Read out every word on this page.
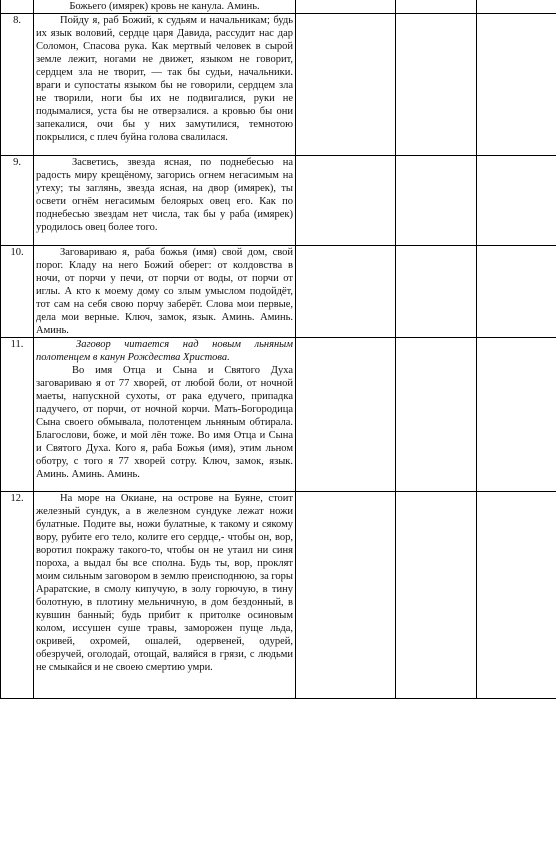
	Божьего (имярек) кровь не канула. Аминь.			

8.	Пойду я, раб Божий, к судьям и начальникам; будь их язык воловий, сердце царя Давида, рассудит нас дар Соломон, Спасова рука. Как мертвый человек в сырой земле лежит, ногами не движет, языком не говорит, сердцем зла не творит, — так бы судьи, начальники. враги и супостаты языком бы не говорили, сердцем зла не творили, ноги бы их не подвигалися, руки не подымалися, уста бы не отверзалися. а кровью бы они запекалися, очи бы у них замутилися, темнотою покрылися, с плеч буйна голова свалилася.			

9.	Засветись, звезда ясная, по поднебесью на радость миру крещёному, загорись огнем негасимым на утеху; ты заглянь, звезда ясная, на двор (имярек), ты освети огнём негасимым белоярых овец его. Как по поднебесью звездам нет числа, так бы у раба (имярек) уродилось овец более того.			

10.	Заговариваю я, раба божья (имя) свой дом, свой порог. Кладу на него Божий оберег: от колдовства в ночи, от порчи у печи, от порчи от воды, от порчи от иглы. А кто к моему дому со злым умыслом подойдёт, тот сам на себя свою порчу заберёт. Слова мои первые, дела мои верные. Ключ, замок, язык. Аминь. Аминь. Аминь.			

11.	Заговор читается над новым льняным полотенцем в канун Рождества Христова.

Во имя Отца и Сына и Святого Духа заговариваю я от 77 хворей, от любой боли, от ночной маеты, напускной сухоты, от рака едучего, припадка падучего, от порчи, от ночной корчи. Мать-Богородица Сына своего обмывала, полотенцем льняным обтирала. Благослови, боже, и мой лён тоже. Во имя Отца и Сына и Святого Духа. Кого я, раба Божья (имя), этим льном оботру, с того я 77 хворей сотру. Ключ, замок, язык. Аминь. Аминь. Аминь.			

12.	На море на Окиане, на острове на Буяне, стоит железный сундук, а в железном сундуке лежат ножи булатные. Подите вы, ножи булатные, к такому и сякому вору, рубите его тело, колите его сердце,- чтобы он, вор, воротил покражу такого-то, чтобы он не утаил ни синя пороха, а выдал бы все сполна. Будь ты, вор, проклят моим сильным заговором в землю преисподнюю, за горы Араратские, в смолу кипучую, в золу горючую, в тину болотную, в плотину мельничную, в дом бездонный, в кувшин банный; будь прибит к притолке осиновым колом, иссушен суше травы, заморожен пуще льда, окривей, охромей, ошалей, одервеней, одурей, обезручей, оголодай, отощай, валяйся в грязи, с людьми не смыкайся и не своею смертию умри.			
